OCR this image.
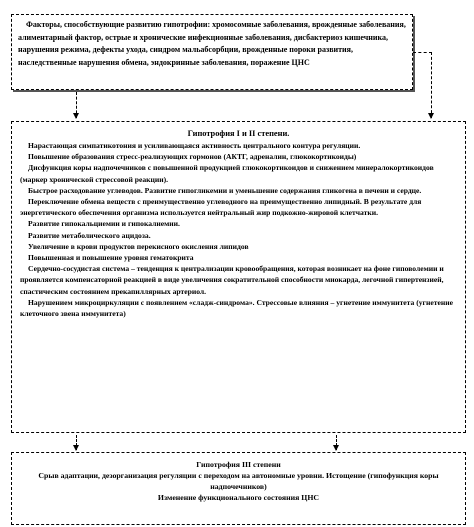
Факторы, способствующие развитию гипотрофии: хромосомные заболевания, врожденные заболевания, алиментарный фактор, острые и хронические инфекционные заболевания, дисбактериоз кишечника, нарушения режима, дефекты ухода, синдром мальабсорбции, врожденные пороки развития, наследственные нарушения обмена, эндокринные заболевания, поражение ЦНС

Гипотрофия I и II степени.

Нарастающая симпатикотония и усиливающаяся активность центрального контура регуляции.

Повышение образования стресс-реализующих гормонов (АКТГ, адреналин, глюкокортикоиды)

Дисфункция коры надпочечников с повышенной продукцией глюкокортикоидов и снижением минералокортикоидов (маркер хронической стрессовой реакции).

Быстрое расходование углеводов. Развитие гипогликемии и уменьшение содержания гликогена в печени и сердце.

Переключение обмена веществ с преимущественно углеводного на преимущественно липидный. В результате для энергетического обеспечения организма используется нейтральный жир подкожно-жировой клетчатки.

Развитие гипокальциемии и гипокалиемии.

Развитие метаболического ацидоза.

Увеличение в крови продуктов перекисного окисления липидов

Повышенная и повышение уровня гематокрита

Сердечно-сосудистая система – тенденция к централизации кровообращения, которая возникает на фоне гиповолемии и проявляется компенсаторной реакцией в виде увеличения сократительной способности миокарда, легочной гипертензией, спастическим состоянием прекапиллярных артериол.

Нарушением микроциркуляции с появлением «сладж-синдрома». Стрессовые влияния – угнетение иммунитета (угнетение клеточного звена иммунитета)

Гипотрофия III степени

Срыв адаптации, дезорганизация регуляции с переходом на автономные уровни. Истощение (гипофункция коры надпочечников)

Изменение функционального состояния ЦНС
